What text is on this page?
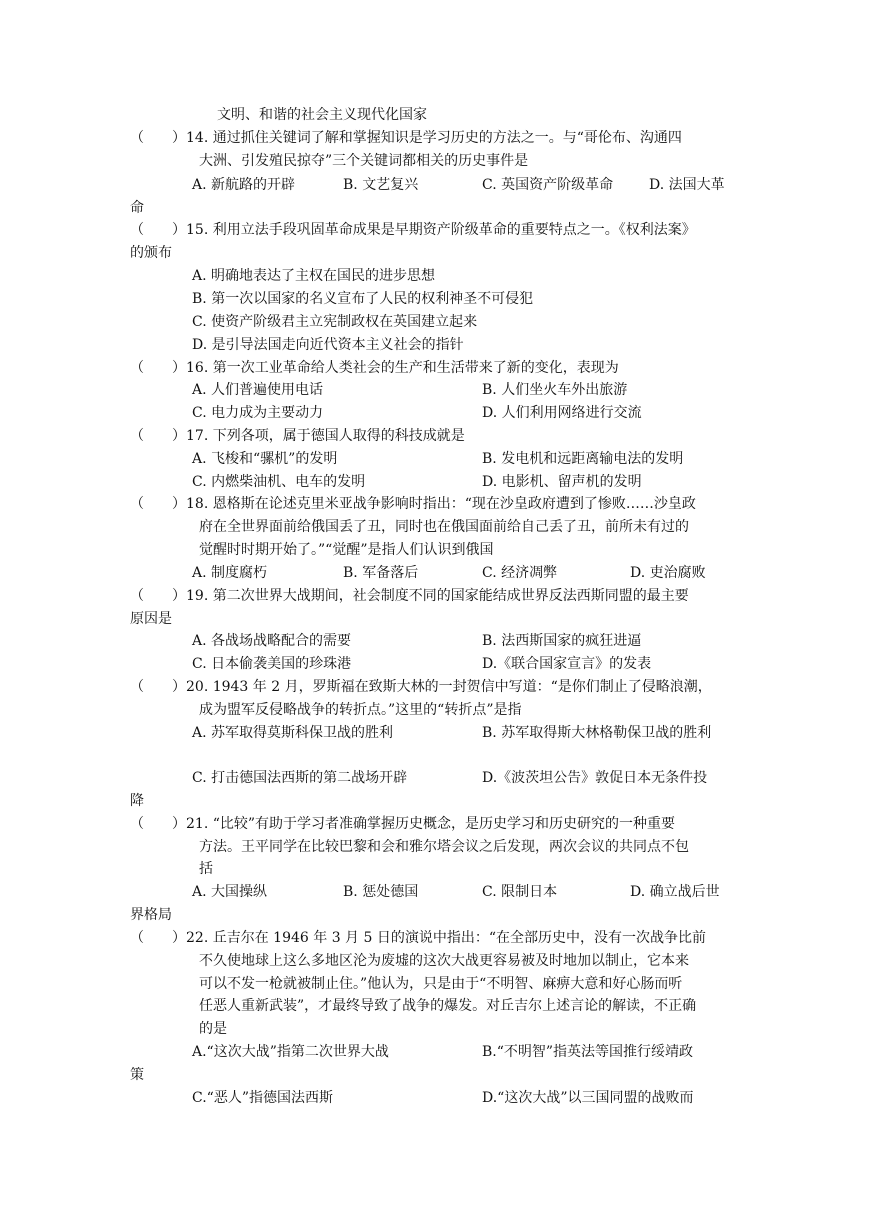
文明、和谐的社会主义现代化国家
（　　）14. 通过抓住关键词了解和掌握知识是学习历史的方法之一。与“哥伦布、沟通四
大洲、引发殖民掠夺”三个关键词都相关的历史事件是
A. 新航路的开辟	B. 文艺复兴	C. 英国资产阶级革命	D. 法国大革
命
（　　）15. 利用立法手段巩固革命成果是早期资产阶级革命的重要特点之一。《权利法案》
的颁布
A. 明确地表达了主权在国民的进步思想
B. 第一次以国家的名义宣布了人民的权利神圣不可侵犯
C. 使资产阶级君主立宪制政权在英国建立起来
D. 是引导法国走向近代资本主义社会的指针
（　　）16. 第一次工业革命给人类社会的生产和生活带来了新的变化，表现为
A. 人们普遍使用电话	B. 人们坐火车外出旅游
C. 电力成为主要动力	D. 人们利用网络进行交流
（　　）17. 下列各项，属于德国人取得的科技成就是
A. 飞梭和“骡机”的发明	B. 发电机和远距离输电法的发明
C. 内燃柴油机、电车的发明	D. 电影机、留声机的发明
（　　）18. 恩格斯在论述克里米亚战争影响时指出：“现在沙皇政府遭到了惨败……沙皇政
府在全世界面前给俄国丢了丑，同时也在俄国面前给自己丢了丑，前所未有过的
觉醒时时期开始了。”“觉醒”是指人们认识到俄国
A. 制度腐朽	B. 军备落后	C. 经济凋弊	D. 吏治腐败
（　　）19. 第二次世界大战期间，社会制度不同的国家能结成世界反法西斯同盟的最主要
原因是
A. 各战场战略配合的需要	B. 法西斯国家的疯狂进逼
C. 日本偷袭美国的珍珠港	D.《联合国家宣言》的发表
（　　）20. 1943 年 2 月，罗斯福在致斯大林的一封贺信中写道：“是你们制止了侵略浪潮，
成为盟军反侵略战争的转折点。”这里的“转折点”是指
A. 苏军取得莫斯科保卫战的胜利	B. 苏军取得斯大林格勒保卫战的胜利
C. 打击德国法西斯的第二战场开辟	D.《波茨坦公告》敦促日本无条件投
降
（　　）21. “比较”有助于学习者准确掌握历史概念，是历史学习和历史研究的一种重要
方法。王平同学在比较巴黎和会和雅尔塔会议之后发现，两次会议的共同点不包
括
A. 大国操纵	B. 惩处德国	C. 限制日本	D. 确立战后世
界格局
（　　）22. 丘吉尔在 1946 年 3 月 5 日的演说中指出：“在全部历史中，没有一次战争比前
不久使地球上这么多地区沦为废墟的这次大战更容易被及时地加以制止，它本来
可以不发一枪就被制止住。”他认为，只是由于“不明智、麻痹大意和好心肠而听
任恶人重新武装”，才最终导致了战争的爆发。对丘吉尔上述言论的解读，不正确
的是
A.“这次大战”指第二次世界大战	B.“不明智”指英法等国推行绥靖政
策
C.“恶人”指德国法西斯	D.“这次大战”以三国同盟的战败而
